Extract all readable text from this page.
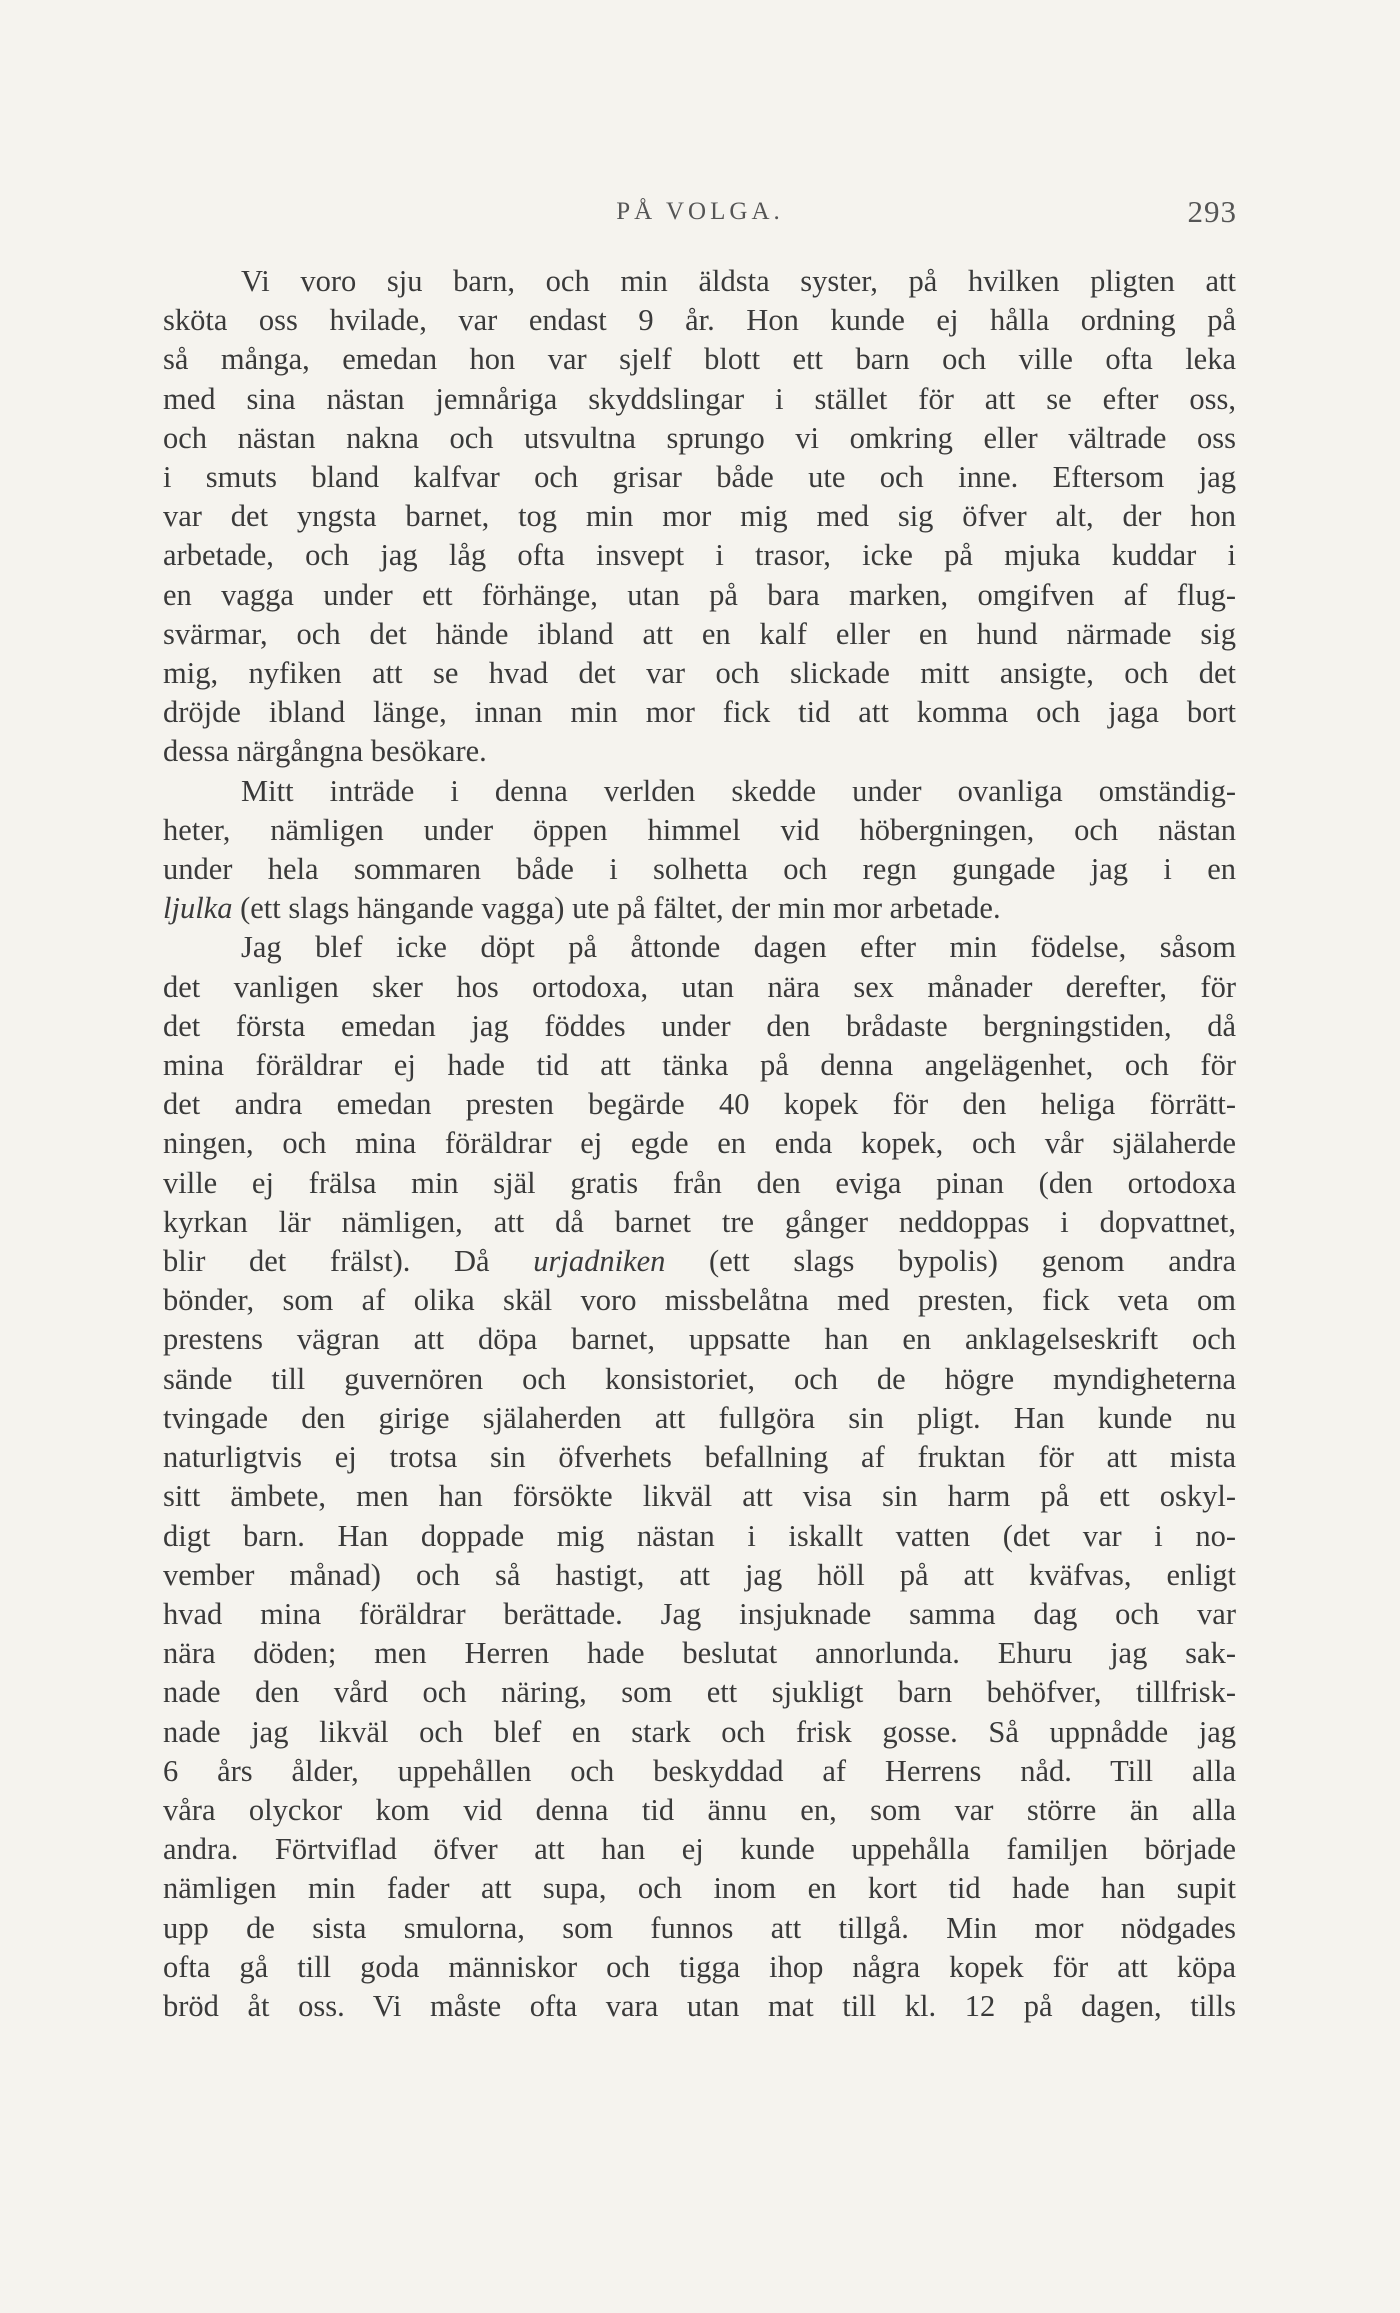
PÅ VOLGA.	293
Vi voro sju barn, och min äldsta syster, på hvilken pligten att
sköta oss hvilade, var endast 9 år. Hon kunde ej hålla ordning på
så många, emedan hon var sjelf blott ett barn och ville ofta leka
med sina nästan jemnåriga skyddslingar i stället för att se efter oss,
och nästan nakna och utsvultna sprungo vi omkring eller vältrade oss
i smuts bland kalfvar och grisar både ute och inne. Eftersom jag
var det yngsta barnet, tog min mor mig med sig öfver alt, der hon
arbetade, och jag låg ofta insvept i trasor, icke på mjuka kuddar i
en vagga under ett förhänge, utan på bara marken, omgifven af flug-
svärmar, och det hände ibland att en kalf eller en hund närmade sig
mig, nyfiken att se hvad det var och slickade mitt ansigte, och det
dröjde ibland länge, innan min mor fick tid att komma och jaga bort
dessa närgångna besökare.
Mitt inträde i denna verlden skedde under ovanliga omständig-
heter, nämligen under öppen himmel vid höbergningen, och nästan
under hela sommaren både i solhetta och regn gungade jag i en
ljulka (ett slags hängande vagga) ute på fältet, der min mor arbetade.
Jag blef icke döpt på åttonde dagen efter min födelse, såsom
det vanligen sker hos ortodoxa, utan nära sex månader derefter, för
det första emedan jag föddes under den brådaste bergningstiden, då
mina föräldrar ej hade tid att tänka på denna angelägenhet, och för
det andra emedan presten begärde 40 kopek för den heliga förrätt-
ningen, och mina föräldrar ej egde en enda kopek, och vår själaherde
ville ej frälsa min själ gratis från den eviga pinan (den ortodoxa
kyrkan lär nämligen, att då barnet tre gånger neddoppas i dopvattnet,
blir det frälst). Då urjadniken (ett slags bypolis) genom andra
bönder, som af olika skäl voro missbelåtna med presten, fick veta om
prestens vägran att döpa barnet, uppsatte han en anklagelseskrift och
sände till guvernören och konsistoriet, och de högre myndigheterna
tvingade den girige själaherden att fullgöra sin pligt. Han kunde nu
naturligtvis ej trotsa sin öfverhets befallning af fruktan för att mista
sitt ämbete, men han försökte likväl att visa sin harm på ett oskyl-
digt barn. Han doppade mig nästan i iskallt vatten (det var i no-
vember månad) och så hastigt, att jag höll på att kväfvas, enligt
hvad mina föräldrar berättade. Jag insjuknade samma dag och var
nära döden; men Herren hade beslutat annorlunda. Ehuru jag sak-
nade den vård och näring, som ett sjukligt barn behöfver, tillfrisk-
nade jag likväl och blef en stark och frisk gosse. Så uppnådde jag
6 års ålder, uppehållen och beskyddad af Herrens nåd. Till alla
våra olyckor kom vid denna tid ännu en, som var större än alla
andra. Förtviflad öfver att han ej kunde uppehålla familjen började
nämligen min fader att supa, och inom en kort tid hade han supit
upp de sista smulorna, som funnos att tillgå. Min mor nödgades
ofta gå till goda människor och tigga ihop några kopek för att köpa
bröd åt oss. Vi måste ofta vara utan mat till kl. 12 på dagen, tills
